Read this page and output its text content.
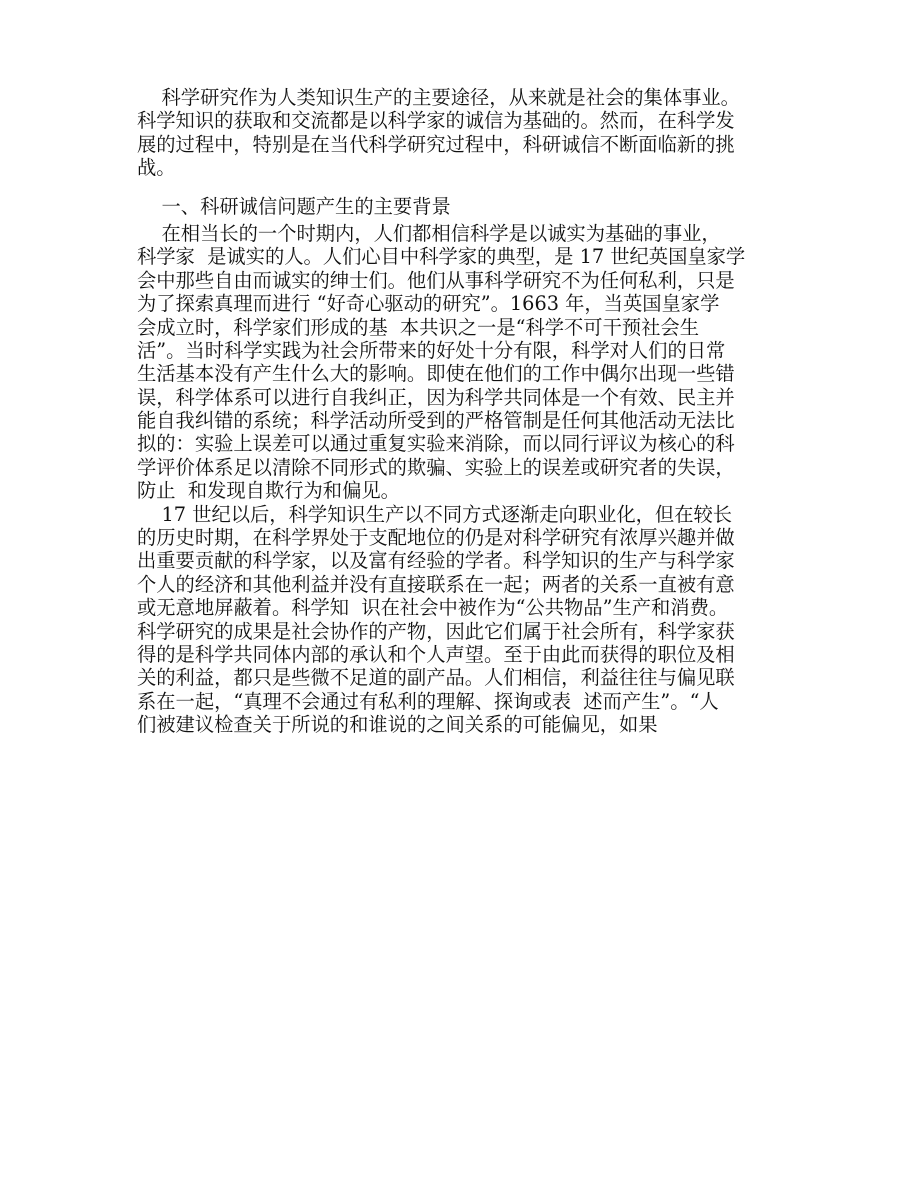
科学研究作为人类知识生产的主要途径，从来就是社会的集体事业。
科学知识的获取和交流都是以科学家的诚信为基础的。然而，在科学发
展的过程中，特别是在当代科学研究过程中，科研诚信不断面临新的挑
战。
一、科研诚信问题产生的主要背景
在相当长的一个时期内，人们都相信科学是以诚实为基础的事业，
科学家  是诚实的人。人们心目中科学家的典型，是 17 世纪英国皇家学
会中那些自由而诚实的绅士们。他们从事科学研究不为任何私利，只是
为了探索真理而进行 “好奇心驱动的研究”。1663 年，当英国皇家学
会成立时，科学家们形成的基  本共识之一是“科学不可干预社会生
活”。当时科学实践为社会所带来的好处十分有限，科学对人们的日常
生活基本没有产生什么大的影响。即使在他们的工作中偶尔出现一些错
误，科学体系可以进行自我纠正，因为科学共同体是一个有效、民主并
能自我纠错的系统；科学活动所受到的严格管制是任何其他活动无法比
拟的：实验上误差可以通过重复实验来消除，而以同行评议为核心的科
学评价体系足以清除不同形式的欺骗、实验上的误差或研究者的失误，
防止  和发现自欺行为和偏见。
17 世纪以后，科学知识生产以不同方式逐渐走向职业化，但在较长
的历史时期，在科学界处于支配地位的仍是对科学研究有浓厚兴趣并做
出重要贡献的科学家，以及富有经验的学者。科学知识的生产与科学家
个人的经济和其他利益并没有直接联系在一起；两者的关系一直被有意
或无意地屏蔽着。科学知  识在社会中被作为“公共物品”生产和消费。
科学研究的成果是社会协作的产物，因此它们属于社会所有，科学家获
得的是科学共同体内部的承认和个人声望。至于由此而获得的职位及相
关的利益，都只是些微不足道的副产品。人们相信，利益往往与偏见联
系在一起，“真理不会通过有私利的理解、探询或表  述而产生”。“人
们被建议检查关于所说的和谁说的之间关系的可能偏见，如果
